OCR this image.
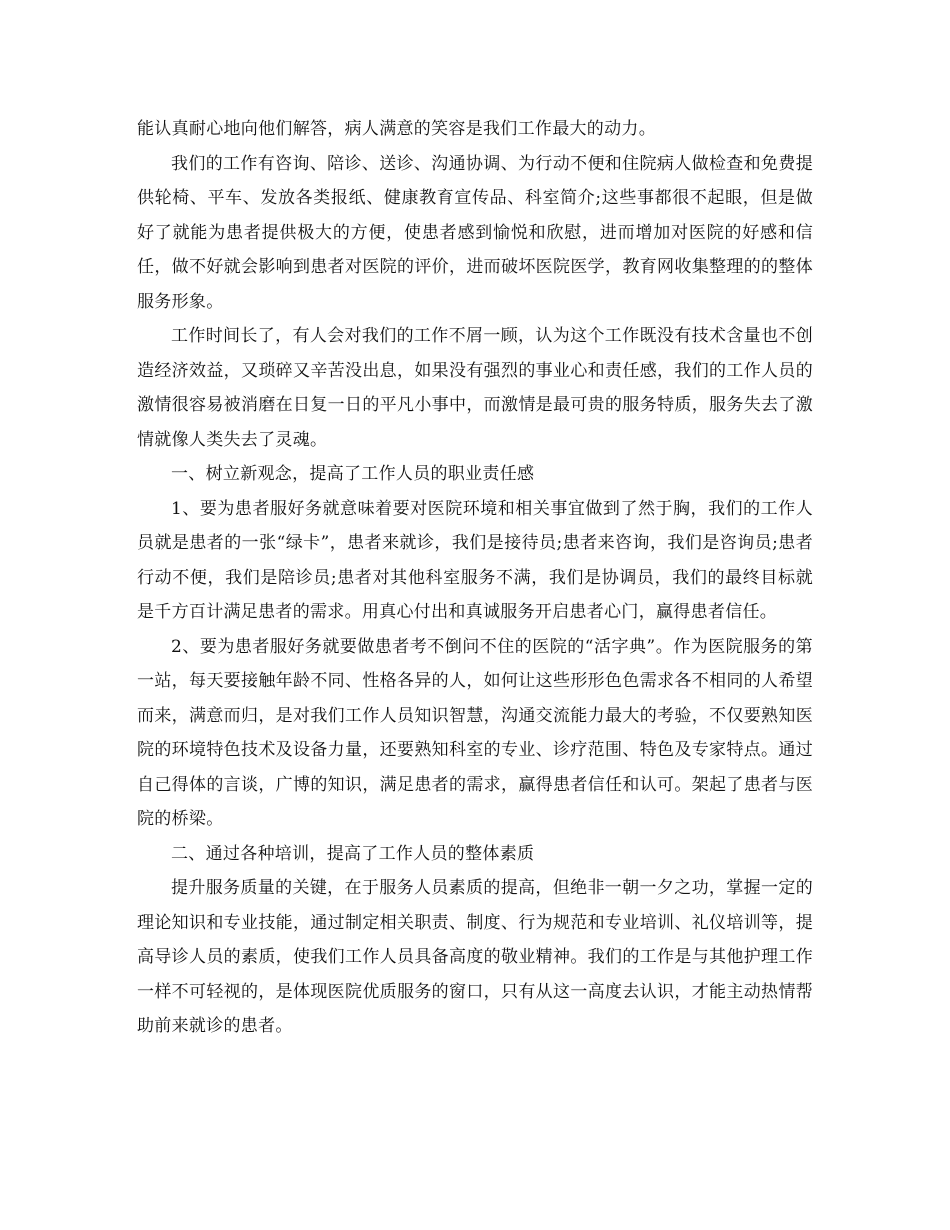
能认真耐心地向他们解答，病人满意的笑容是我们工作最大的动力。

我们的工作有咨询、陪诊、送诊、沟通协调、为行动不便和住院病人做检查和免费提供轮椅、平车、发放各类报纸、健康教育宣传品、科室简介;这些事都很不起眼，但是做好了就能为患者提供极大的方便，使患者感到愉悦和欣慰，进而增加对医院的好感和信任，做不好就会影响到患者对医院的评价，进而破坏医院医学，教育网收集整理的的整体服务形象。

工作时间长了，有人会对我们的工作不屑一顾，认为这个工作既没有技术含量也不创造经济效益，又琐碎又辛苦没出息，如果没有强烈的事业心和责任感，我们的工作人员的激情很容易被消磨在日复一日的平凡小事中，而激情是最可贵的服务特质，服务失去了激情就像人类失去了灵魂。

一、树立新观念，提高了工作人员的职业责任感

1、要为患者服好务就意味着要对医院环境和相关事宜做到了然于胸，我们的工作人员就是患者的一张“绿卡”，患者来就诊，我们是接待员;患者来咨询，我们是咨询员;患者行动不便，我们是陪诊员;患者对其他科室服务不满，我们是协调员，我们的最终目标就是千方百计满足患者的需求。用真心付出和真诚服务开启患者心门，赢得患者信任。

2、要为患者服好务就要做患者考不倒问不住的医院的“活字典”。作为医院服务的第一站，每天要接触年龄不同、性格各异的人，如何让这些形形色色需求各不相同的人希望而来，满意而归，是对我们工作人员知识智慧，沟通交流能力最大的考验，不仅要熟知医院的环境特色技术及设备力量，还要熟知科室的专业、诊疗范围、特色及专家特点。通过自己得体的言谈，广博的知识，满足患者的需求，赢得患者信任和认可。架起了患者与医院的桥梁。

二、通过各种培训，提高了工作人员的整体素质

提升服务质量的关键，在于服务人员素质的提高，但绝非一朝一夕之功，掌握一定的理论知识和专业技能，通过制定相关职责、制度、行为规范和专业培训、礼仪培训等，提高导诊人员的素质，使我们工作人员具备高度的敬业精神。我们的工作是与其他护理工作一样不可轻视的，是体现医院优质服务的窗口，只有从这一高度去认识，才能主动热情帮助前来就诊的患者。
